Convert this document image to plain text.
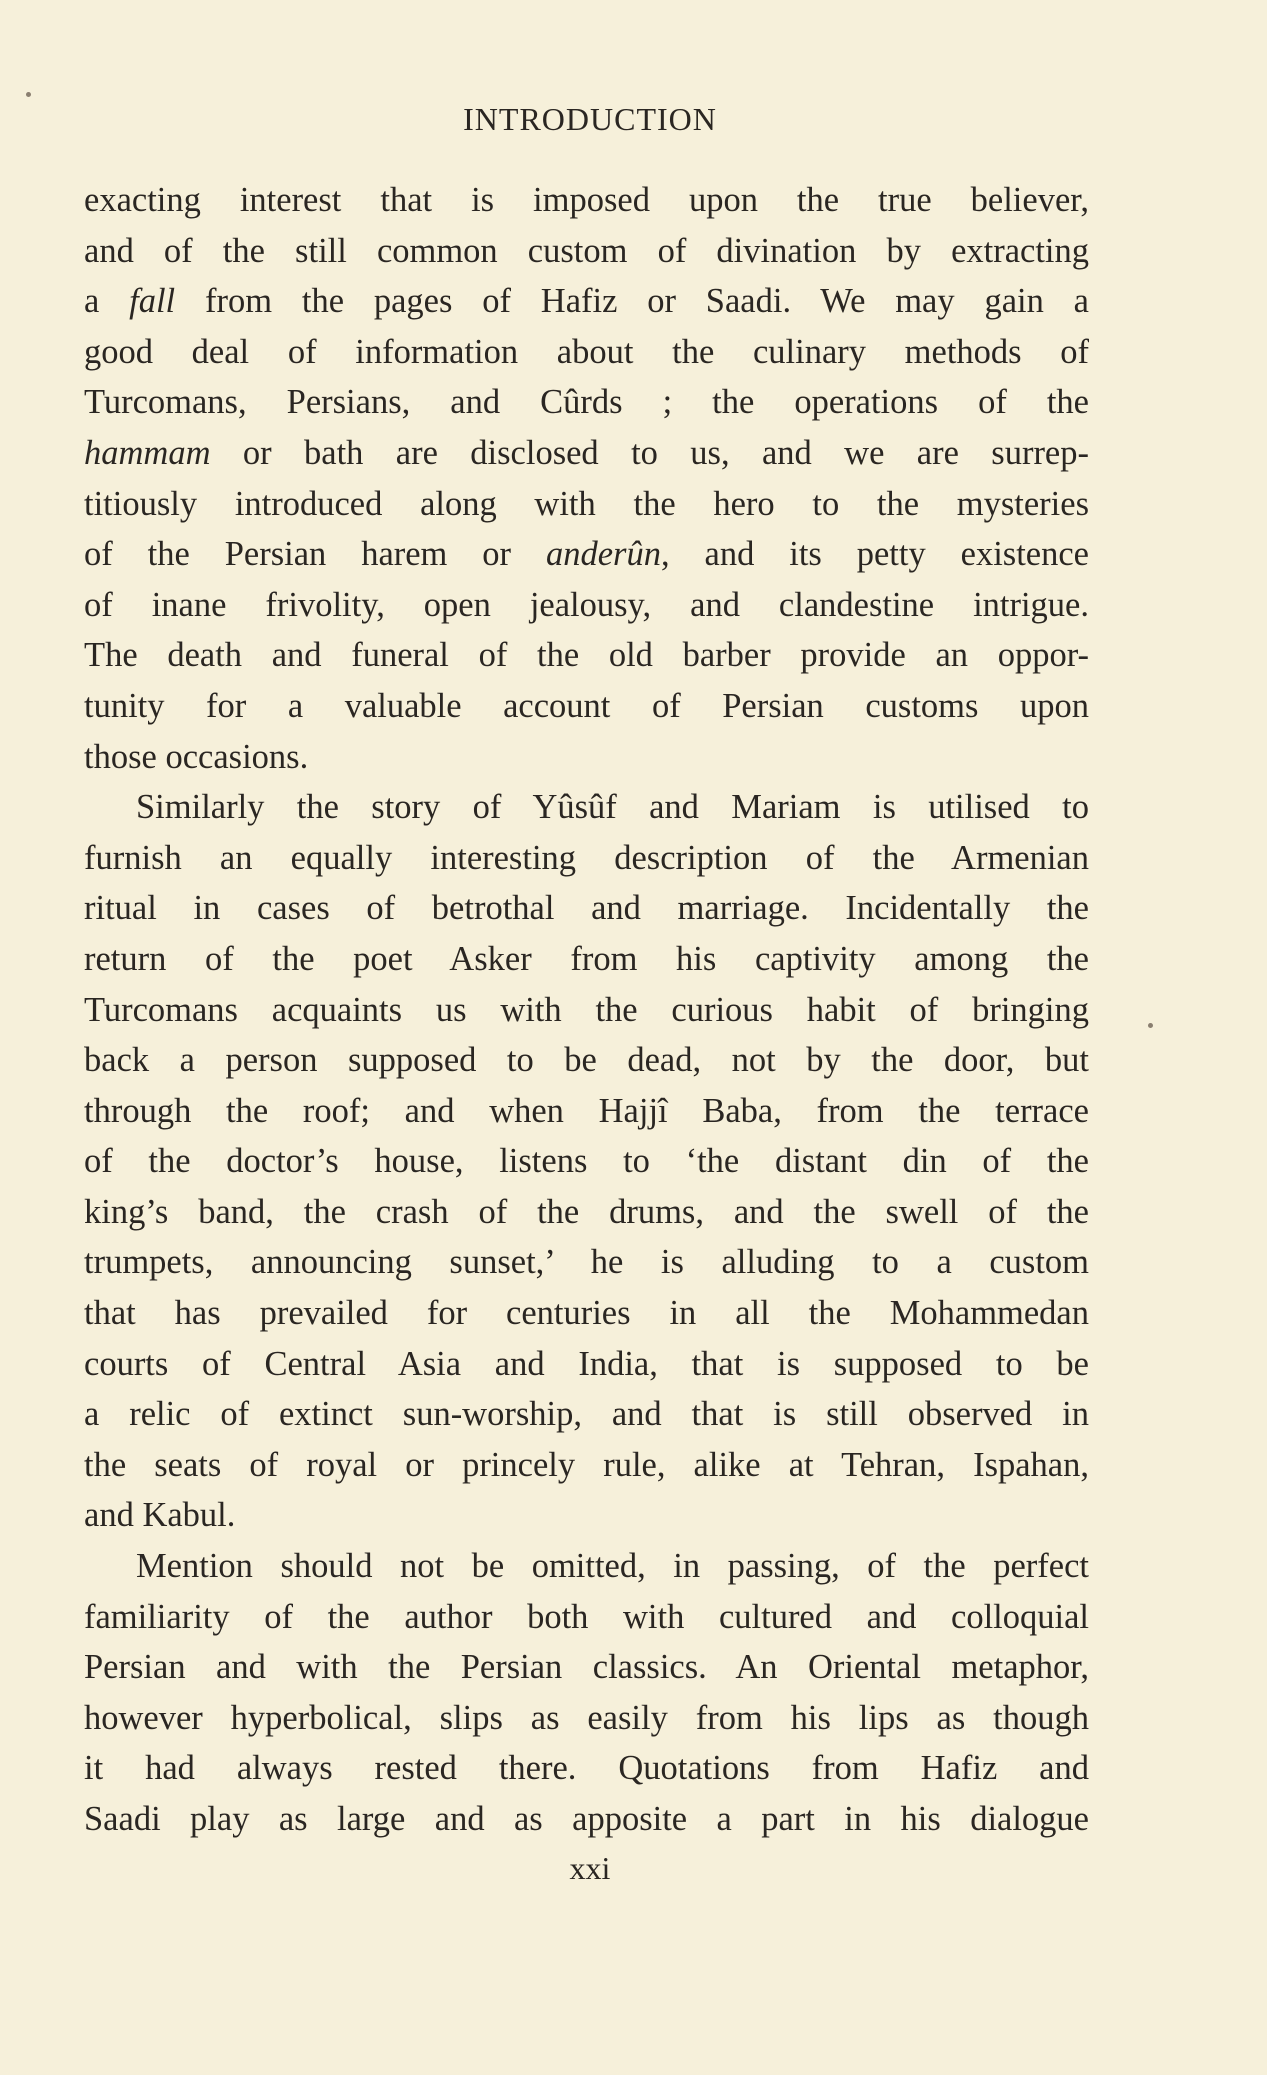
INTRODUCTION
exacting interest that is imposed upon the true believer,
and of the still common custom of divination by extracting
a fall from the pages of Hafiz or Saadi. We may gain a
good deal of information about the culinary methods of
Turcomans, Persians, and Cûrds ; the operations of the
hammam or bath are disclosed to us, and we are surrep-
titiously introduced along with the hero to the mysteries
of the Persian harem or anderûn, and its petty existence
of inane frivolity, open jealousy, and clandestine intrigue.
The death and funeral of the old barber provide an oppor-
tunity for a valuable account of Persian customs upon
those occasions.
Similarly the story of Yûsûf and Mariam is utilised to
furnish an equally interesting description of the Armenian
ritual in cases of betrothal and marriage. Incidentally the
return of the poet Asker from his captivity among the
Turcomans acquaints us with the curious habit of bringing
back a person supposed to be dead, not by the door, but
through the roof; and when Hajjî Baba, from the terrace
of the doctor’s house, listens to ‘the distant din of the
king’s band, the crash of the drums, and the swell of the
trumpets, announcing sunset,’ he is alluding to a custom
that has prevailed for centuries in all the Mohammedan
courts of Central Asia and India, that is supposed to be
a relic of extinct sun-worship, and that is still observed in
the seats of royal or princely rule, alike at Tehran, Ispahan,
and Kabul.
Mention should not be omitted, in passing, of the perfect
familiarity of the author both with cultured and colloquial
Persian and with the Persian classics. An Oriental metaphor,
however hyperbolical, slips as easily from his lips as though
it had always rested there. Quotations from Hafiz and
Saadi play as large and as apposite a part in his dialogue
xxi
